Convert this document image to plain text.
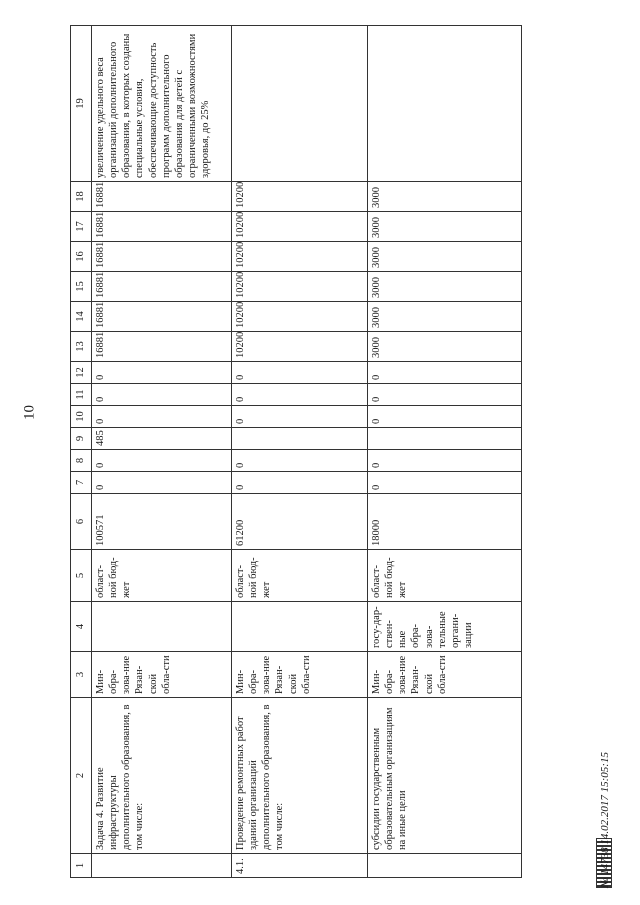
10
1	2	3	4	5	6	7	8	9	10	11	12	13	14	15	16	17	18	19
	Задача 4. Развитие инфраструктуры дополнительного образования, в том числе:	Мин-обра-зова-ние Рязан-ской обла-сти		област-ной бюд-жет	100571	0	0	485	0	0	0	16881	16881	16881	16881	16881	16881	увеличение удельного веса организаций дополнительного образования, в которых созданы специальные условия, обеспечивающие доступность программ дополнительного образования для детей с ограниченными возможностями здоровья, до 25%
4.1.	Проведение ремонтных работ зданий организаций дополнительного образования, в том числе:	Мин-обра-зова-ние Рязан-ской обла-сти		област-ной бюд-жет	61200	0	0		0	0	0	10200	10200	10200	10200	10200	10200	
	субсидии государственным образовательным организациям на иные цели	Мин-обра-зова-ние Рязан-ской обла-сти	госу-дар-ствен-ные обра-зова-тельные органи-зации	област-ной бюд-жет	18000	0	0		0	0	0	3000	3000	3000	3000	3000	3000	
№ 14738 14.02.2017 15:05:15
